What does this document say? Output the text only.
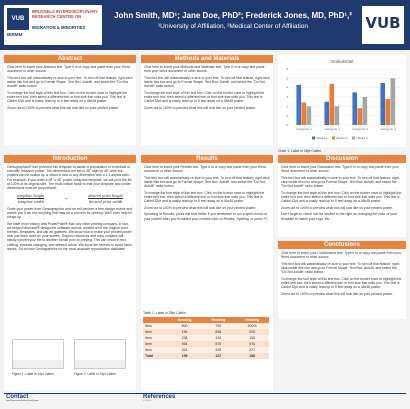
VUB
BIRMM
BRUSSELS INTERDISCIPLINARY RESEARCH CENTRE ON
MIGRATION & MINORITIES
John Smith, MD¹; Jane Doe, PhD²; Frederick Jones, MD, PhD¹,²
¹University of Affiliation, ²Medical Center of Affiliation	VUB
Abstract

Click here to insert your Abstract text. Type it in or copy and paste from your Word document or other source.

This text box will automatically re-size to your text. To turn off that feature, right-click inside this box and go to Format Shape, Text Box, Autofit, and select the "Do Not Autofit" radio button.

To change the font style of this text box: Click on the border once to highlight the entire text box, then select a different font or font size that suits you. This text is Calibri 32pt and is easily read up to 5 feet away on a 48x48 poster.

Zoom out to 100% to preview what this will look like on your printed poster.

Methods and Materials

Click here to insert your Methods and Materials text. Type it in or copy and paste from your Word document or other source.

This text box will automatically re-size to your text. To turn off that feature, right-click inside this box and go to Format Shape, Text Box, Autofit, and select the "Do Not Autofit" radio button.

To change the font style of this text box: Click on the border once to highlight the entire text box, then select a different font or font size that suits you. This text is Calibri 32pt and is easily read up to 5 feet away on a 48x48 poster.

Zoom out to 100% to preview what this will look like on your printed poster.

Grafiekttitel
0
1
2
3
4
5
6
Categorie 1	Categorie 2	Categorie 3	Categorie 4
Reeks 1	Reeks 2	Reeks 3
Chart 1. Label in 28pt Calibri.
Introduction

Geniographics® has provided this template to assist in preparation of a medical or scientific research poster. The dimensions are set to 48" high by 48" wide but posters can be scaled up or down in size to any dimension with a 1:1 aspect ratio. For example, if you order a 48" x 48" poster using this template, we will print the file at 100% of its original size. The most critical factor is that your template and poster dimensions must be proportional:

template height
template width
=
desired print height
desired print width

Order your poster from Geniographics and we will perform a free design review and advise you if we see anything that may be a concern for printing. We'll even help fix things up.

We have more history with PowerPoint® than any other printing company, in fact, we helped Microsoft® design the software and we created all of the original color themes, templates, and clip art galleries. We know how to make your printed poster look just like it does on your screen. Graphic resources and copy contains will blindly convert your file to another format prior to printing. This can result in text shifting, symbols changing, and skewed colors. We know the secrets to avoid these issues. So choose Geniographics for the most accurate reproduction available!

Figure 1. Label in 24pt Calibri.	Figure 2. Label in 24pt Calibri.
Results

Click here to insert your Results text. Type it in or copy and paste from your Word document or other source.

This text box will automatically re-size to your text. To turn off that feature, right-click inside this box and go to Format Shape, Text Box, Autofit, and select the "Do Not Autofit" radio button.

To change the font style of this text box: Click on the border once to highlight the entire text box, then select a different font or font size that suits you. This text is Calibri 32pt and is easily read up to 5 feet away on a 48x48 poster.

Zoom out to 100% to preview what this will look like on your printed poster.

Speaking of Results, yours will look better if you remember to run a spell-check on your poster! After you've added your content click on Review, Spelling, or press F7.

Table 1. Label in 28pt Calibri.
	Heading	Heading	Heading
Item	800	790	400%
Item	156	856	200
Item	238	134	158
Item	954	875	976
Item	324	325	227
Total	199	127	186
Discussion

Click here to insert your Discussion text. Type it in or copy and paste from your Word document or other source.

This text box will automatically re-size to your text. To turn off that feature, right-click inside this box and go to Format Shape, Text Box, Autofit, and select the "Do Not Autofit" radio button.

To change the font style of this text box: Click on the border once to highlight the entire text box, then select a different font or font size that suits you. This text is Calibri 32pt and is easily read up to 5 feet away on a 48x48 poster.

Zoom out to 100% to preview what this will look like on your printed poster.

Don't forget to check out our section to the right on changing the color of your template to match your logo, etc.

Conclusions

Click here to insert your Conclusions text. Type it in or copy and paste from your Word document or other source.

This text box will automatically re-size to your text. To turn off that feature, right-click inside this box and go to Format Shape, Text Box, Autofit, and select the "Do Not Autofit" radio button.

To change the font style of this text box: Click on the border once to highlight the entire text box, then select a different font or font size that suits you. This text is Calibri 32pt and is easily read up to 5 feet away on a 48x48 poster.

Zoom out to 100% to preview what this will look like on your printed poster.

Contact
[name] [organization] [address] [email] [phone]
References
1. 2. 3. 4. 5.
